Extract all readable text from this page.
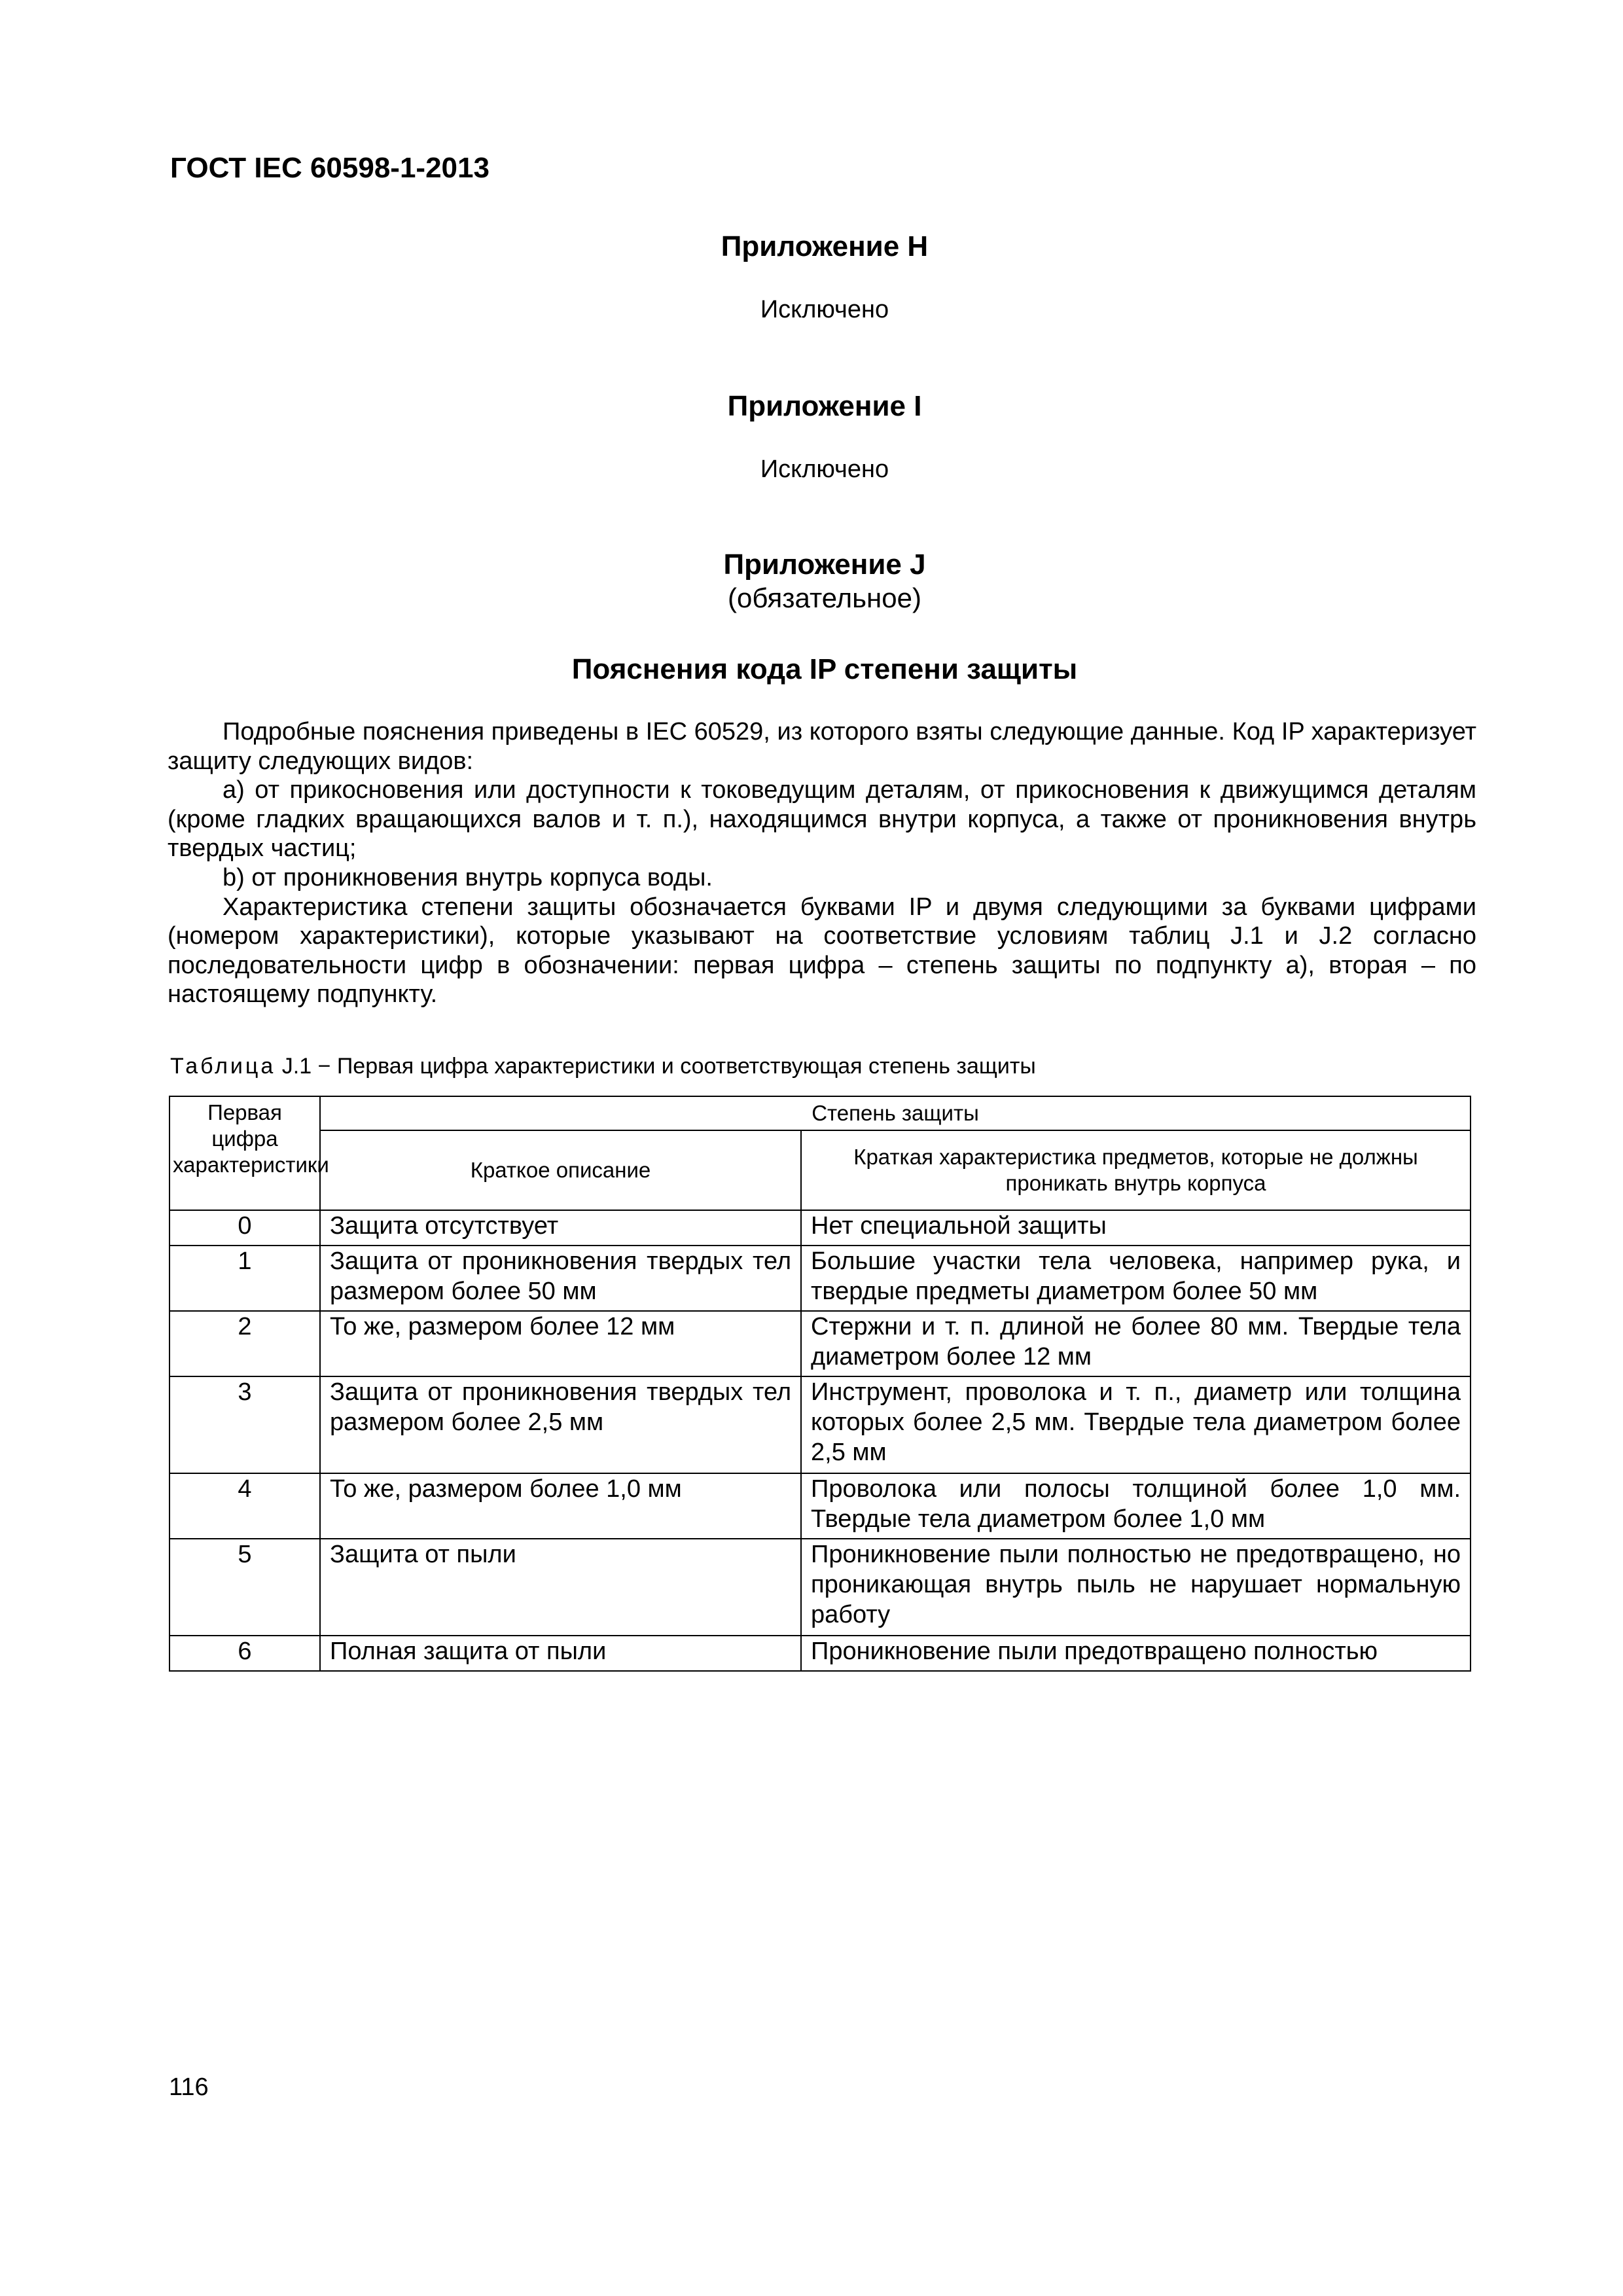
ГОСТ IEC 60598-1-2013
Приложение Н
Исключено
Приложение I
Исключено
Приложение J
(обязательное)
Пояснения кода IP степени защиты

Подробные пояснения приведены в IEC 60529, из которого взяты следующие данные. Код IP характеризует защиту следующих видов:

a) от прикосновения или доступности к токоведущим деталям, от прикосновения к движущимся деталям (кроме гладких вращающихся валов и т. п.), находящимся внутри корпуса, а также от проникновения внутрь твердых частиц;

b) от проникновения внутрь корпуса воды.

Характеристика степени защиты обозначается буквами IP и двумя следующими за буквами цифрами (номером характеристики), которые указывают на соответствие условиям таблиц J.1 и J.2 согласно последовательности цифр в обозначении: первая цифра – степень защиты по подпункту a), вторая – по настоящему подпункту.

Таблица J.1 − Первая цифра характеристики и соответствующая степень защиты
Первая цифра характеристики	Степень защиты	
	Краткое описание	Краткая характеристика предметов, которые не должны проникать внутрь корпуса
0	Защита отсутствует	Нет специальной защиты
1	Защита от проникновения твердых тел размером более 50 мм	Большие участки тела человека, например рука, и твердые предметы диаметром более 50 мм
2	То же, размером более 12 мм	Стержни и т. п. длиной не более 80 мм. Твердые тела диаметром более 12 мм
3	Защита от проникновения твердых тел размером более 2,5 мм	Инструмент, проволока и т. п., диаметр или толщина которых более 2,5 мм. Твердые тела диаметром более 2,5 мм
4	То же, размером более 1,0 мм	Проволока или полосы толщиной более 1,0 мм. Твердые тела диаметром более 1,0 мм
5	Защита от пыли	Проникновение пыли полностью не предотвращено, но проникающая внутрь пыль не нарушает нормальную работу
6	Полная защита от пыли	Проникновение пыли предотвращено полностью
116
